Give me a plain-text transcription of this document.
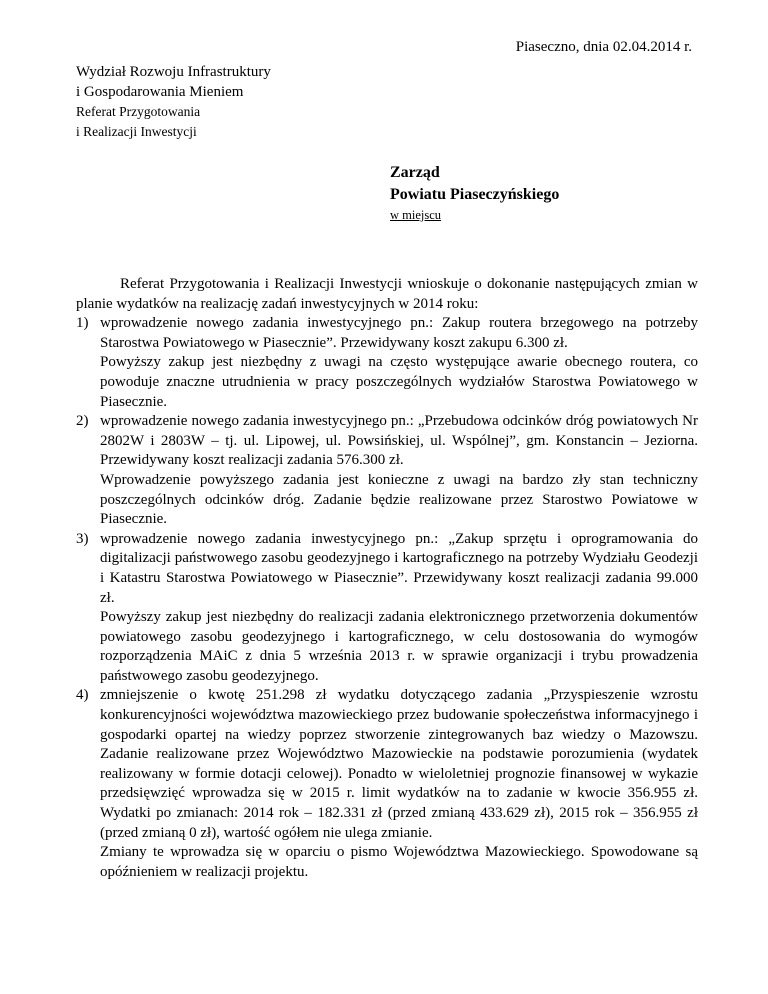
Piaseczno, dnia 02.04.2014 r.
Wydział Rozwoju Infrastruktury
i Gospodarowania Mieniem
Referat Przygotowania
i Realizacji Inwestycji
Zarząd
Powiatu Piaseczyńskiego
w miejscu

Referat Przygotowania i Realizacji Inwestycji wnioskuje o dokonanie następujących zmian w planie wydatków na realizację zadań inwestycyjnych w 2014 roku:

1) wprowadzenie nowego zadania inwestycyjnego pn.: Zakup routera brzegowego na potrzeby Starostwa Powiatowego w Piasecznie”. Przewidywany koszt zakupu 6.300 zł.

Powyższy zakup jest niezbędny z uwagi na często występujące awarie obecnego routera, co powoduje znaczne utrudnienia w pracy poszczególnych wydziałów Starostwa Powiatowego w Piasecznie.

2) wprowadzenie nowego zadania inwestycyjnego pn.: „Przebudowa odcinków dróg powiatowych Nr 2802W i 2803W – tj. ul. Lipowej, ul. Powsińskiej, ul. Wspólnej”, gm. Konstancin – Jeziorna. Przewidywany koszt realizacji zadania 576.300 zł.

Wprowadzenie powyższego zadania jest konieczne z uwagi na bardzo zły stan techniczny poszczególnych odcinków dróg. Zadanie będzie realizowane przez Starostwo Powiatowe w Piasecznie.

3) wprowadzenie nowego zadania inwestycyjnego pn.: „Zakup sprzętu i oprogramowania do digitalizacji państwowego zasobu geodezyjnego i kartograficznego na potrzeby Wydziału Geodezji i Katastru Starostwa Powiatowego w Piasecznie”. Przewidywany koszt realizacji zadania 99.000 zł.

Powyższy zakup jest niezbędny do realizacji zadania elektronicznego przetworzenia dokumentów powiatowego zasobu geodezyjnego i kartograficznego, w celu dostosowania do wymogów rozporządzenia MAiC z dnia 5 września 2013 r. w sprawie organizacji i trybu prowadzenia państwowego zasobu geodezyjnego.

4) zmniejszenie o kwotę 251.298 zł wydatku dotyczącego zadania „Przyspieszenie wzrostu konkurencyjności województwa mazowieckiego przez budowanie społeczeństwa informacyjnego i gospodarki opartej na wiedzy poprzez stworzenie zintegrowanych baz wiedzy o Mazowszu. Zadanie realizowane przez Województwo Mazowieckie na podstawie porozumienia (wydatek realizowany w formie dotacji celowej). Ponadto w wieloletniej prognozie finansowej w wykazie przedsięwzięć wprowadza się w 2015 r. limit wydatków na to zadanie w kwocie 356.955 zł. Wydatki po zmianach: 2014 rok – 182.331 zł (przed zmianą 433.629 zł), 2015 rok – 356.955 zł (przed zmianą 0 zł), wartość ogółem nie ulega zmianie.

Zmiany te wprowadza się w oparciu o pismo Województwa Mazowieckiego. Spowodowane są opóźnieniem w realizacji projektu.
